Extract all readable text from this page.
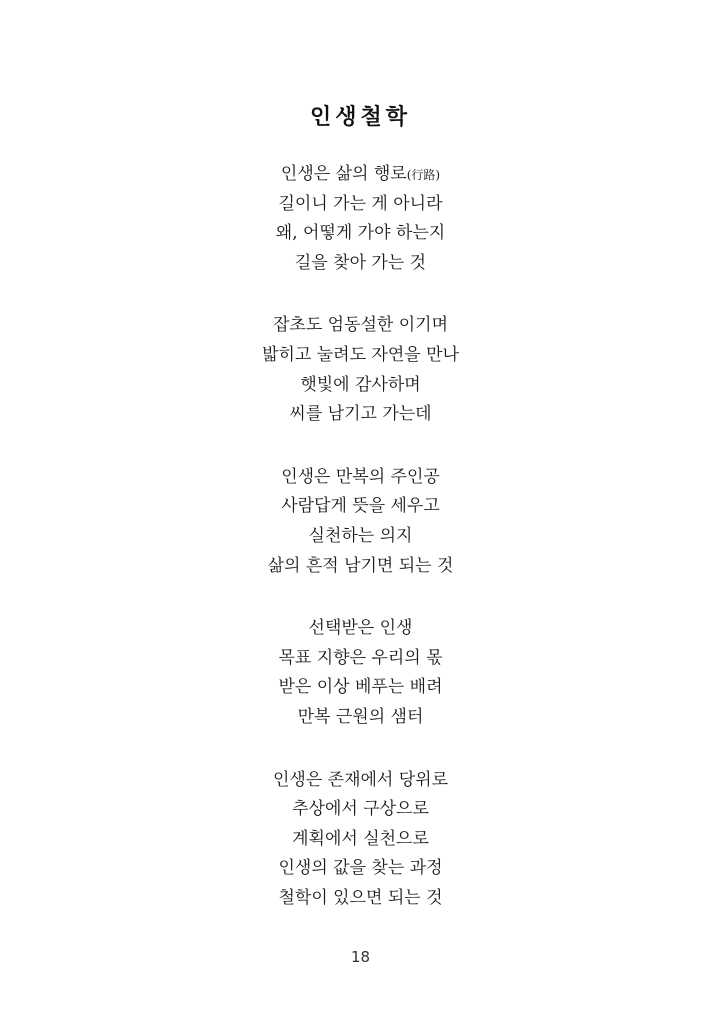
인생철학
인생은 삶의 행로(行路)
길이니 가는 게 아니라
왜, 어떻게 가야 하는지
길을 찾아 가는 것
잡초도 엄동설한 이기며
밟히고 눌려도 자연을 만나
햇빛에 감사하며
씨를 남기고 가는데
인생은 만복의 주인공
사람답게 뜻을 세우고
실천하는 의지
삶의 흔적 남기면 되는 것
선택받은 인생
목표 지향은 우리의 몫
받은 이상 베푸는 배려
만복 근원의 샘터
인생은 존재에서 당위로
추상에서 구상으로
계획에서 실천으로
인생의 값을 찾는 과정
철학이 있으면 되는 것
18
